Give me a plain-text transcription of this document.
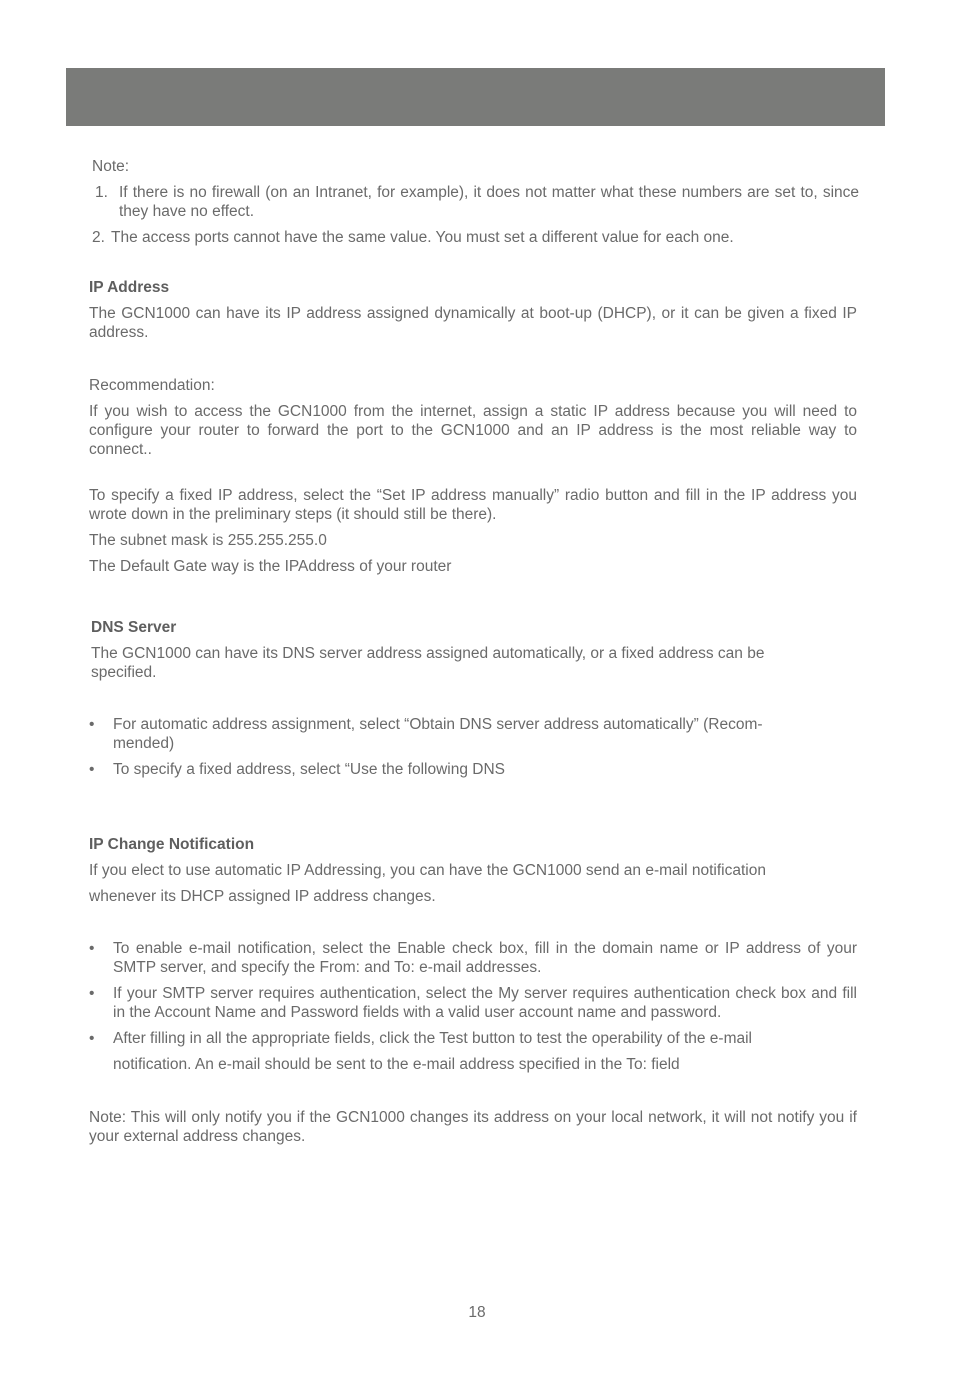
Note:

1. If there is no firewall (on an Intranet, for example), it does not matter what these numbers are set to, since they have no effect.
2. The access ports cannot have the same value. You must set a different value for each one.

IP Address

The GCN1000 can have its IP address assigned dynamically at boot-up (DHCP), or it can be given a fixed IP address.

Recommendation:

If you wish to access the GCN1000 from the internet, assign a static IP address because you will need to configure your router to forward the port to the GCN1000 and an IP address is the most reliable way to connect..

To specify a fixed IP address, select the “Set IP address manually” radio button and fill in the IP address you wrote down in the preliminary steps (it should still be there).

The subnet mask is 255.255.255.0

The Default Gate way is the IPAddress of your router

DNS Server

The GCN1000 can have its DNS server address assigned automatically, or a fixed address can be specified.

•	For automatic address assignment, select “Obtain DNS server address automatically” (Recom-mended)
•	To specify a fixed address, select “Use the following DNS

IP Change Notification

If you elect to use automatic IP Addressing, you can have the GCN1000 send an e-mail notification

whenever its DHCP assigned IP address changes.

•	To enable e-mail notification, select the Enable check box, fill in the domain name or IP address of your SMTP server, and specify the From: and To: e-mail addresses.
•	If your SMTP server requires authentication, select the My server requires authentication check box and fill in the Account Name and Password fields with a valid user account name and password.
•	After filling in all the appropriate fields, click the Test button to test the operability of the e-mail
notification. An e-mail should be sent to the e-mail address specified in the To: field

Note: This will only notify you if the GCN1000 changes its address on your local network, it will not notify you if your external address changes.

18
